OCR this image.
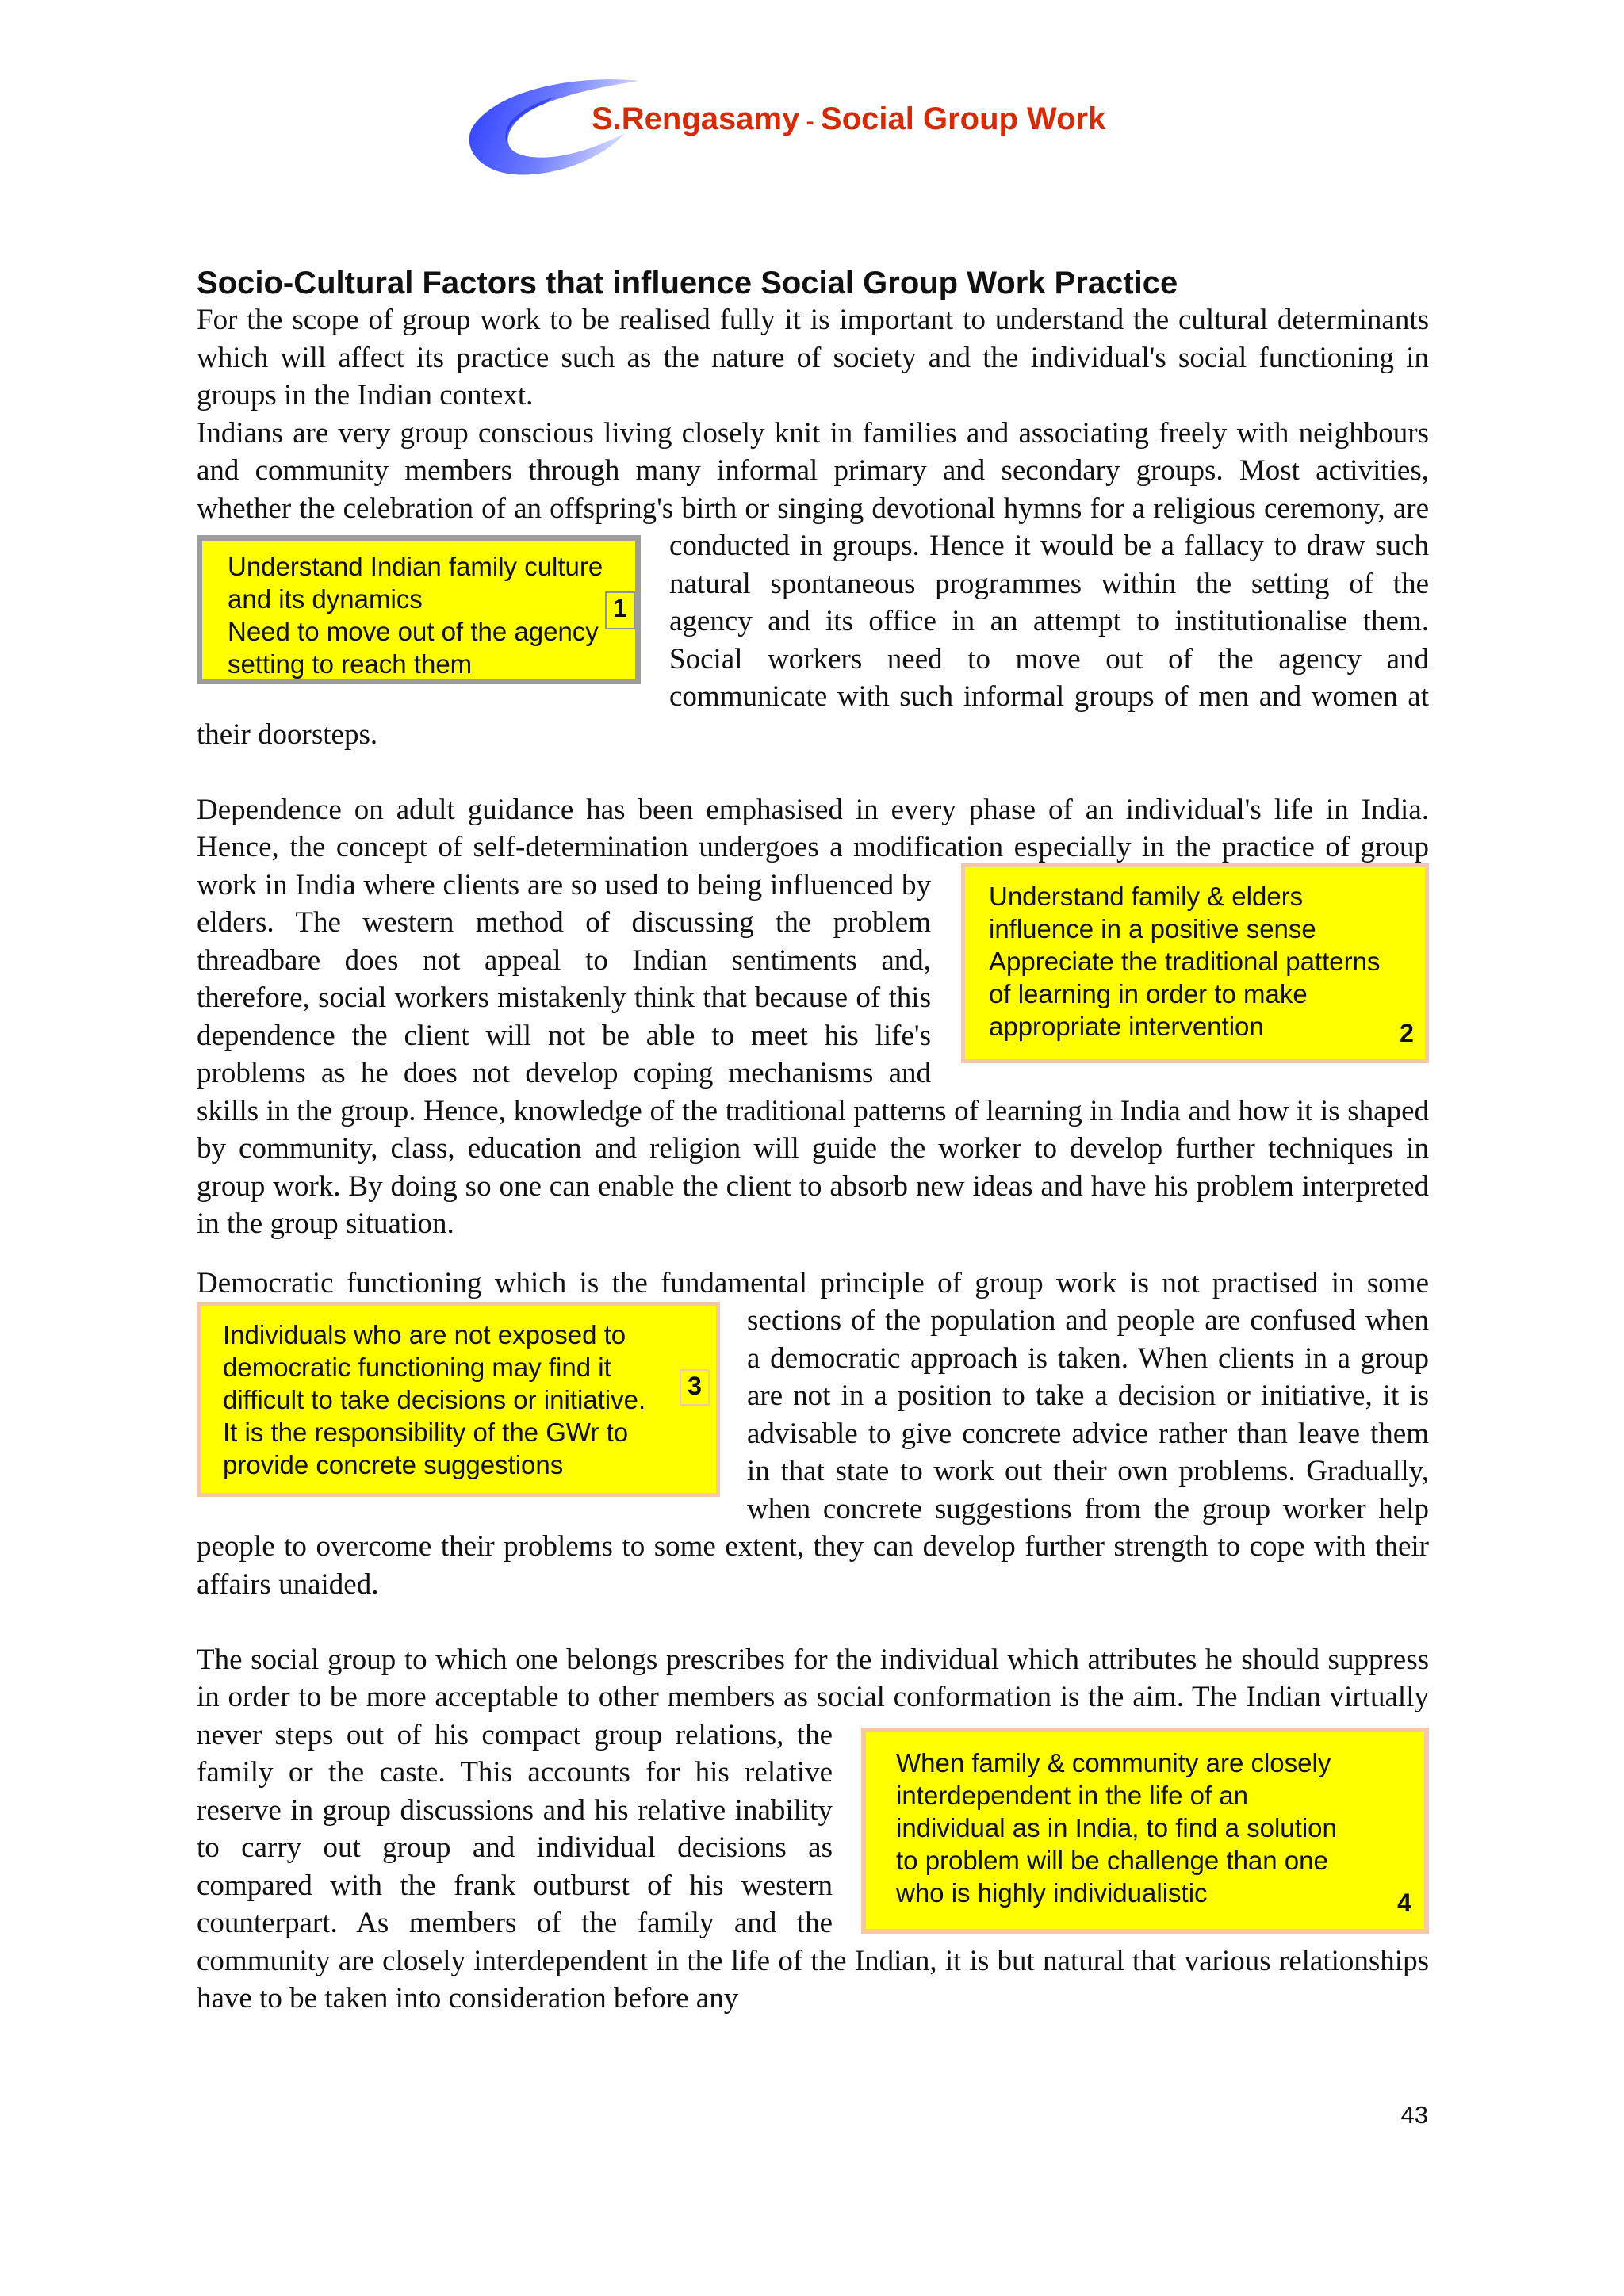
S.Rengasamy - Social Group Work
Socio-Cultural Factors that influence Social Group Work Practice

For the scope of group work to be realised fully it is important to understand the cultural determinants which will affect its practice such as the nature of society and the individual's social functioning in groups in the Indian context.

Indians are very group conscious living closely knit in families and associating freely with neighbours and community members through many informal primary and secondary groups. Most activities, whether the celebration of an offspring's birth or singing devotional hymns
Understand Indian family culture
and its dynamics
Need to move out of the agency
setting to reach them
1
for a religious ceremony, are conducted in groups. Hence it would be a fallacy to draw such natural spontaneous programmes within the setting of the agency and its office in an attempt to institutionalise them. Social workers need to move out of the agency and communicate with such informal groups of men and women at their doorsteps.

Dependence on adult guidance has been emphasised in every phase of an individual's life in India. Hence, the concept of self-determination undergoes a modification especially in the
Understand family & elders
influence in a positive sense
Appreciate the traditional patterns
of learning in order to make
appropriate intervention	2
practice of group work in India where clients are so used to being influenced by elders. The western method of discussing the problem threadbare does not appeal to Indian sentiments and, therefore, social workers mistakenly think that because of this dependence the client will not be able to meet his life's problems as he does not develop coping mechanisms and skills in the group. Hence, knowledge of the traditional patterns of learning in India and how it is shaped by community, class, education and religion will guide the worker to develop further techniques in group work. By doing so one can enable the client to absorb new ideas and have his problem interpreted in the group situation.

Democratic functioning which is the fundamental principle of group work is not practised in
Individuals who are not exposed to
democratic functioning may find it
difficult to take decisions or initiative.
It is the responsibility of the GWr to
provide concrete suggestions
3
some sections of the population and people are confused when a democratic approach is taken. When clients in a group are not in a position to take a decision or initiative, it is advisable to give concrete advice rather than leave them in that state to work out their own problems. Gradually, when concrete suggestions from the group worker help people to overcome their problems to some extent, they can develop further strength to cope with their affairs unaided.

The social group to which one belongs prescribes for the individual which attributes he should suppress in order to be more acceptable to other members as social conformation is
When family & community are closely
interdependent in the life of an
individual as in India, to find a solution
to problem will be challenge than one
who is highly individualistic	4
the aim. The Indian virtually never steps out of his compact group relations, the family or the caste. This accounts for his relative reserve in group discussions and his relative inability to carry out group and individual decisions as compared with the frank outburst of his western counterpart. As members of the family and the community are closely interdependent in the life of the Indian, it is but natural that various relationships have to be taken into consideration before any

43
